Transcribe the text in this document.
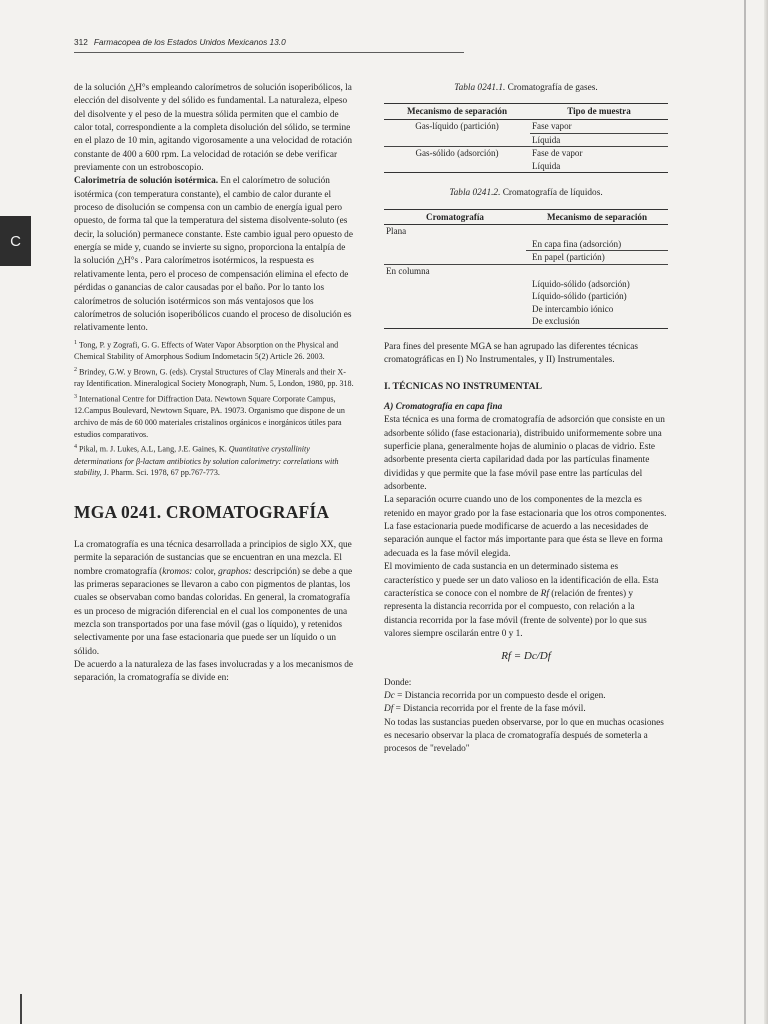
312 Farmacopea de los Estados Unidos Mexicanos 13.0
C

de la solución △H°s empleando calorímetros de solución isoperibólicos, la elección del disolvente y del sólido es fundamental. La naturaleza, elpeso del disolvente y el peso de la muestra sólida permiten que el cambio de calor total, correspondiente a la completa disolución del sólido, se termine en el plazo de 10 min, agitando vigorosamente a una velocidad de rotación constante de 400 a 600 rpm. La velocidad de rotación se debe verificar previamente con un estroboscopio.

Calorimetría de solución isotérmica. En el calorímetro de solución isotérmica (con temperatura constante), el cambio de calor durante el proceso de disolución se compensa con un cambio de energía igual pero opuesto, de forma tal que la temperatura del sistema disolvente-soluto (es decir, la solución) permanece constante. Este cambio igual pero opuesto de energía se mide y, cuando se invierte su signo, proporciona la entalpía de la solución △H°s . Para calorímetros isotérmicos, la respuesta es relativamente lenta, pero el proceso de compensación elimina el efecto de pérdidas o ganancias de calor causadas por el baño. Por lo tanto los calorímetros de solución isotérmicos son más ventajosos que los calorímetros de solución isoperibólicos cuando el proceso de disolución es relativamente lento.

$^1$ Tong, P. y Zografi, G. G. Effects of Water Vapor Absorption on the Physical and Chemical Stability of Amorphous Sodium Indometacin 5(2) Article 26. 2003.

$^2$ Brindey, G.W. y Brown, G. (eds). Crystal Structures of Clay Minerals and their X-ray Identification. Mineralogical Society Monograph, Num. 5, London, 1980, pp. 318.

$^3$ International Centre for Diffraction Data. Newtown Square Corporate Campus, 12.Campus Boulevard, Newtown Square, PA. 19073. Organismo que dispone de un archivo de más de 60 000 materiales cristalinos orgánicos e inorgánicos útiles para estudios comparativos.

$^4$ Pikal, m. J. Lukes, A.L, Lang, J.E. Gaines, K. Quantitative crystallinity determinations for β-lactam antibiotics by solution calorimetry: correlations with stability, J. Pharm. Sci. 1978, 67 pp.767-773.

MGA 0241. CROMATOGRAFÍA

La cromatografía es una técnica desarrollada a principios de siglo XX, que permite la separación de sustancias que se encuentran en una mezcla. El nombre cromatografía (kromos: color, graphos: descripción) se debe a que las primeras separaciones se llevaron a cabo con pigmentos de plantas, los cuales se observaban como bandas coloridas. En general, la cromatografía es un proceso de migración diferencial en el cual los componentes de una mezcla son transportados por una fase móvil (gas o líquido), y retenidos selectivamente por una fase estacionaria que puede ser un líquido o un sólido.

De acuerdo a la naturaleza de las fases involucradas y a los mecanismos de separación, la cromatografía se divide en:

Tabla 0241.1. Cromatografía de gases.

Mecanismo de separación	Tipo de muestra
Gas-líquido (partición)	Fase vapor
	Líquida
Gas-sólido (adsorción)	Fase de vapor
	Líquida

Tabla 0241.2. Cromatografía de líquidos.

Cromatografía	Mecanismo de separación
Plana	
	En capa fina (adsorción)
	En papel (partición)
En columna	
	Líquido-sólido (adsorción)
	Líquido-sólido (partición)
	De intercambio iónico
	De exclusión

Para fines del presente MGA se han agrupado las diferentes técnicas cromatográficas en I) No Instrumentales, y II) Instrumentales.

I. TÉCNICAS NO INSTRUMENTAL

A) Cromatografía en capa fina

Esta técnica es una forma de cromatografía de adsorción que consiste en un adsorbente sólido (fase estacionaria), distribuido uniformemente sobre una superficie plana, generalmente hojas de aluminio o placas de vidrio. Este adsorbente presenta cierta capilaridad dada por las partículas finamente divididas y que permite que la fase móvil pase entre las partículas del adsorbente.

La separación ocurre cuando uno de los componentes de la mezcla es retenido en mayor grado por la fase estacionaria que los otros componentes. La fase estacionaria puede modificarse de acuerdo a las necesidades de separación aunque el factor más importante para que ésta se lleve en forma adecuada es la fase móvil elegida.

El movimiento de cada sustancia en un determinado sistema es característico y puede ser un dato valioso en la identificación de ella. Esta característica se conoce con el nombre de Rf (relación de frentes) y representa la distancia recorrida por el compuesto, con relación a la distancia recorrida por la fase móvil (frente de solvente) por lo que sus valores siempre oscilarán entre 0 y 1.

Rf = Dc/Df

Donde:

Dc = Distancia recorrida por un compuesto desde el origen.

Df = Distancia recorrida por el frente de la fase móvil.

No todas las sustancias pueden observarse, por lo que en muchas ocasiones es necesario observar la placa de cromatografía después de someterla a procesos de "revelado"
